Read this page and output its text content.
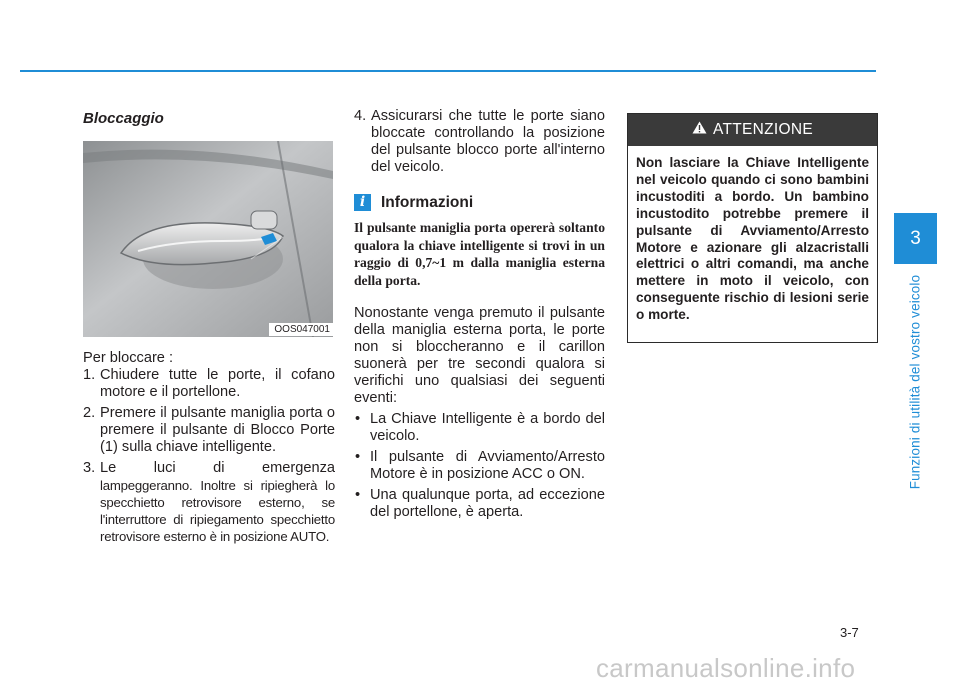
Bloccaggio
OOS047001

Per bloccare :

1. Chiudere tutte le porte, il cofano motore e il portellone.
2. Premere il pulsante maniglia porta o premere il pulsante di Blocco Porte (1) sulla chiave intelligente.
3. Le luci di emergenza
lampeggeranno. Inoltre si ripiegherà lo specchietto retrovisore esterno, se l'interruttore di ripiegamento specchietto retrovisore esterno è in posizione AUTO.
4. Assicurarsi che tutte le porte siano bloccate controllando la posizione del pulsante blocco porte all'interno del veicolo.
i	Informazioni

Il pulsante maniglia porta opererà soltanto qualora la chiave intelligente si trovi in un raggio di 0,7~1 m dalla maniglia esterna della porta.

Nonostante venga premuto il pulsante della maniglia esterna porta, le porte non si bloccheranno e il carillon suonerà per tre secondi qualora si verifichi uno qualsiasi dei seguenti eventi:

• La Chiave Intelligente è a bordo del veicolo.
• Il pulsante di Avviamento/Arresto Motore è in posizione ACC o ON.
• Una qualunque porta, ad eccezione del portellone, è aperta.
ATTENZIONE
Non lasciare la Chiave Intelligente nel veicolo quando ci sono bambini incustoditi a bordo. Un bambino incustodito potrebbe premere il pulsante di Avviamento/Arresto Motore e azionare gli alzacristalli elettrici o altri comandi, ma anche mettere in moto il veicolo, con conseguente rischio di lesioni serie o morte.
3
Funzioni di utilità del vostro veicolo
3-7
carmanualsonline.info
